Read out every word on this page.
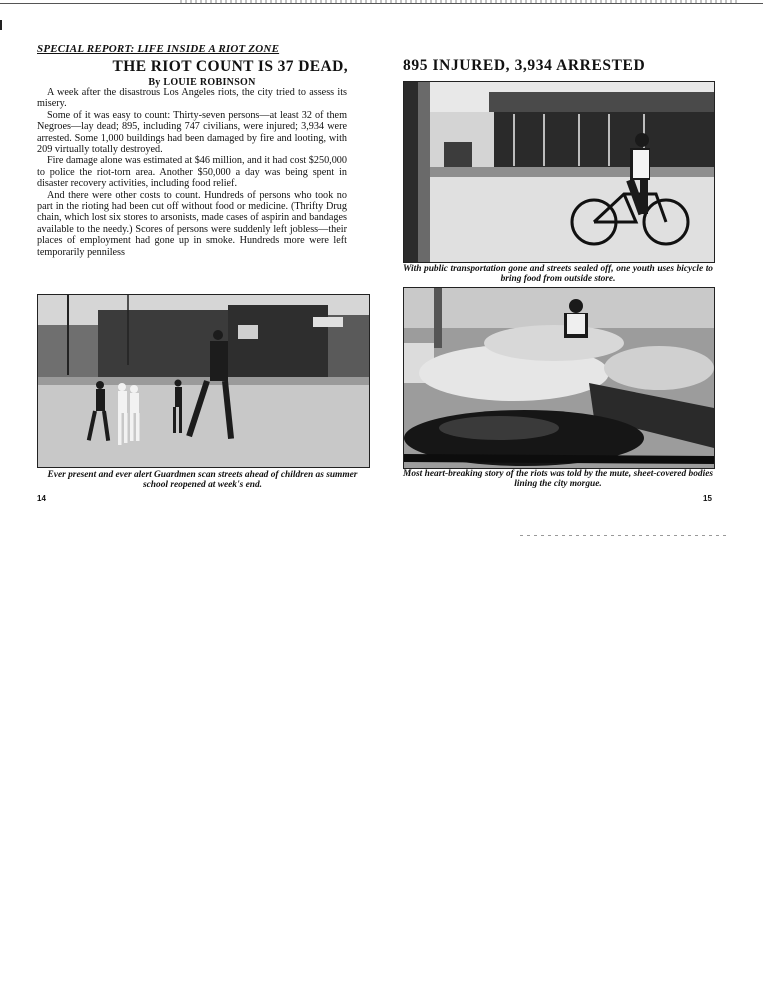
SPECIAL REPORT: LIFE INSIDE A RIOT ZONE
THE RIOT COUNT IS 37 DEAD,
By LOUIE ROBINSON

A week after the disastrous Los Angeles riots, the city tried to assess its misery.

Some of it was easy to count: Thirty-seven persons—at least 32 of them Negroes—lay dead; 895, including 747 civilians, were injured; 3,934 were arrested. Some 1,000 buildings had been damaged by fire and looting, with 209 virtually totally destroyed.

Fire damage alone was estimated at $46 million, and it had cost $250,000 to police the riot-torn area. Another $50,000 a day was being spent in disaster recovery activities, including food relief.

And there were other costs to count. Hundreds of persons who took no part in the rioting had been cut off without food or medicine. (Thrifty Drug chain, which lost six stores to arsonists, made cases of aspirin and bandages available to the needy.) Scores of persons were suddenly left jobless—their places of employment had gone up in smoke. Hundreds more were left temporarily penniless

Ever present and ever alert Guardmen scan streets ahead of children as summer school reopened at week's end.
14
895 INJURED, 3,934 ARRESTED
With public transportation gone and streets sealed off, one youth uses bicycle to bring food from outside store.
Most heart-breaking story of the riots was told by the mute, sheet-covered bodies lining the city morgue.
15
